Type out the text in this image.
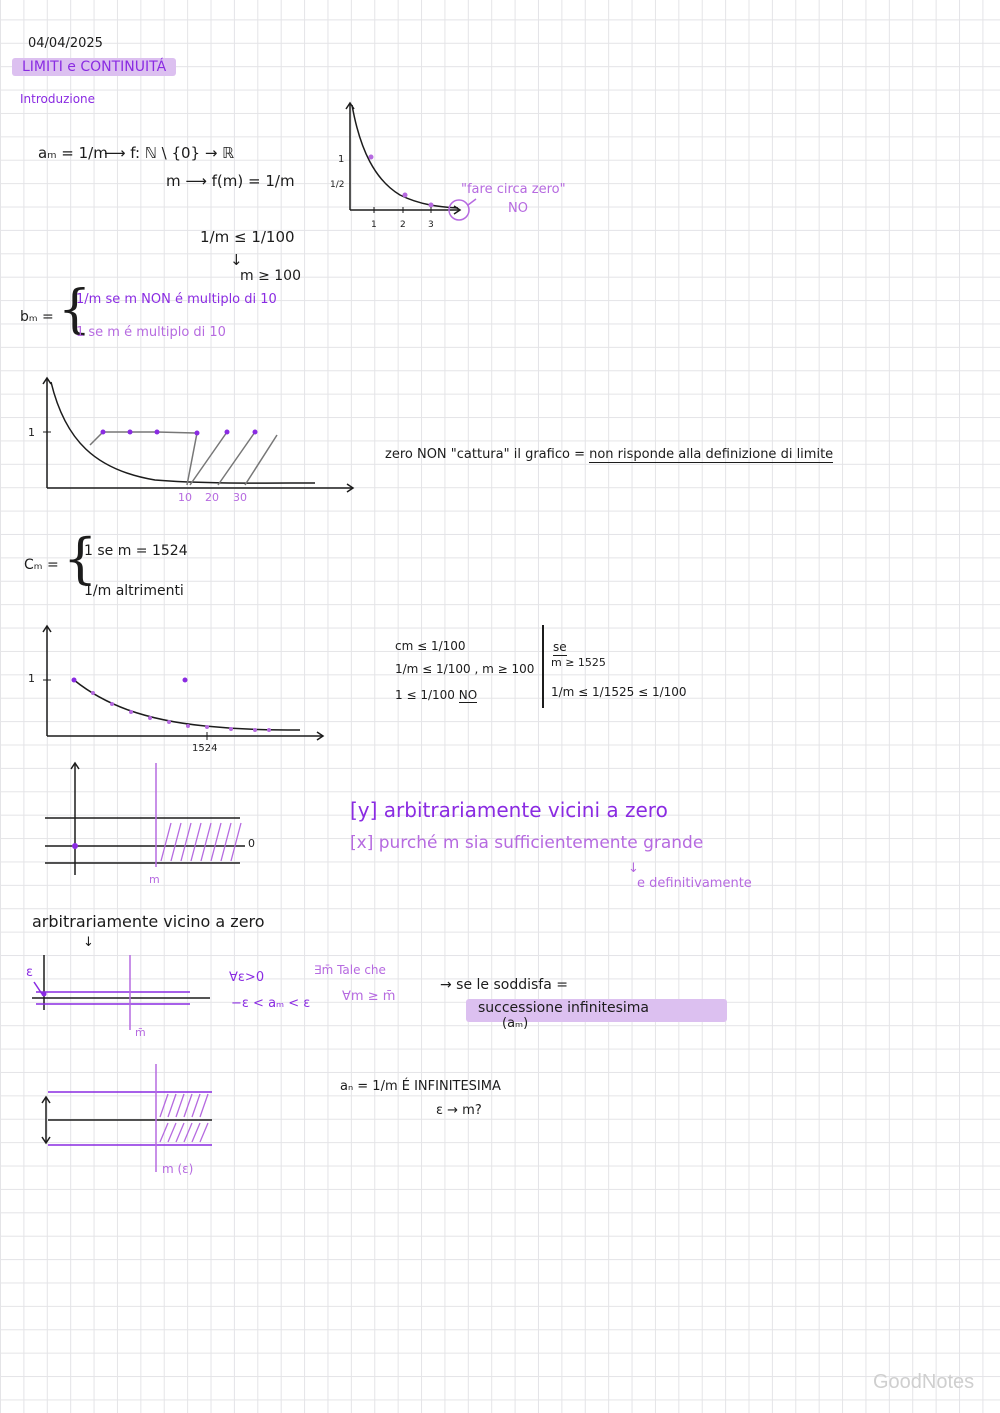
04/04/2025
LIMITI e CONTINUITÁ
Introduzione
aₘ = 1/m
⟶ f: ℕ \ {0} → ℝ
m ⟶ f(m) = 1/m
1/m ≤ 1/100
↓
m ≥ 100
1
1/2
1	2 3
"fare circa zero"
NO
bₘ = {
1/m se m NON é multiplo di 10
1 se m é multiplo di 10
1
10 20 30
zero NON "cattura" il grafico = non risponde alla definizione di limite
Cₘ = {
1 se m = 1524
1/m altrimenti
1
1524
cm ≤ 1/100
1/m ≤ 1/100 , m ≥ 100
1 ≤ 1/100 NO
se
m ≥ 1525
1/m ≤ 1/1525 ≤ 1/100
0
m
[y] arbitrariamente vicini a zero
[x] purché m sia sufficientemente grande
↓
e definitivamente
arbitrariamente vicino a zero
↓
ε
m̄
∀ε>0	∃m̄ Tale che
−ε < aₘ < ε ∀m ≥ m̄
→ se le soddisfa =
successione infinitesima
(aₘ)
m (ε)
aₙ = 1/m É INFINITESIMA
ε → m?
GoodNotes
